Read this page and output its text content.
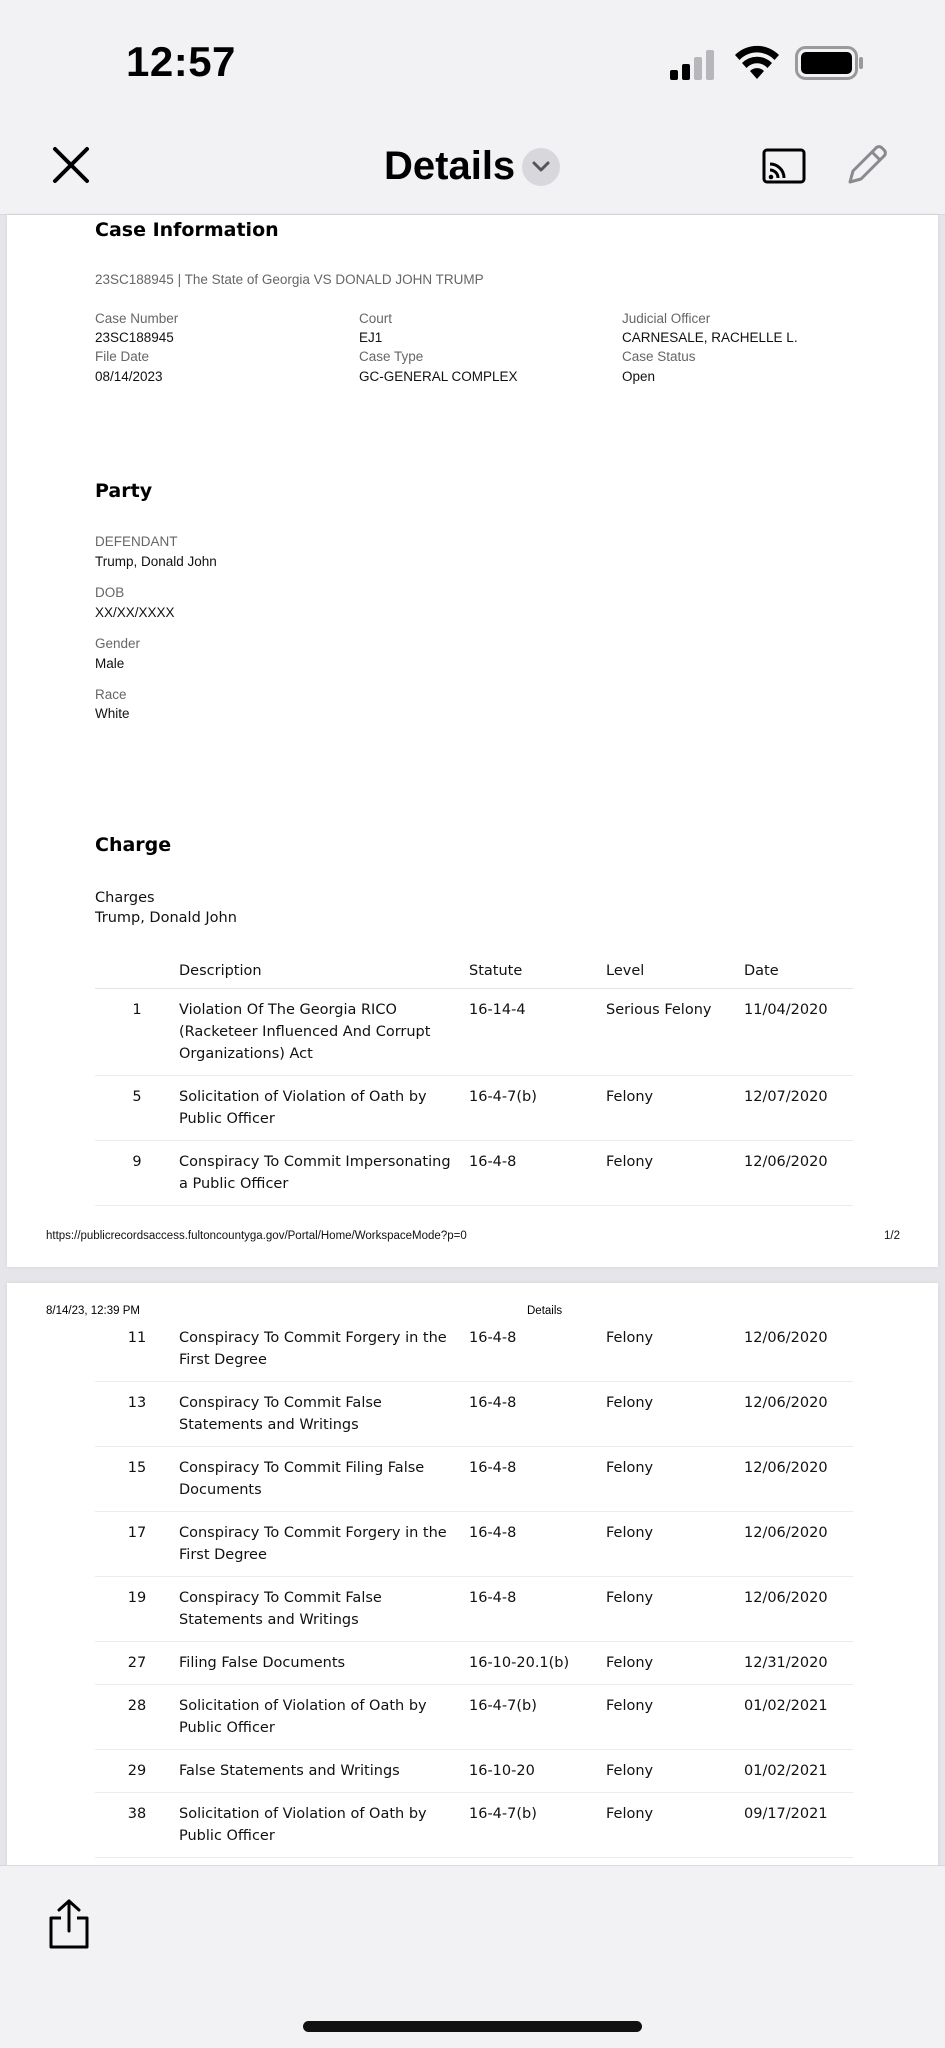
12:57
Details
Case Information
23SC188945 | The State of Georgia VS DONALD JOHN TRUMP
Case Number
23SC188945
File Date
08/14/2023
Court
EJ1
Case Type
GC-GENERAL COMPLEX
Judicial Officer
CARNESALE, RACHELLE L.
Case Status
Open
Party
DEFENDANT
Trump, Donald John
DOB
XX/XX/XXXX
Gender
Male
Race
White
Charge
Charges
Trump, Donald John
	Description	Statute	Level	Date
1	Violation Of The Georgia RICO (Racketeer Influenced And Corrupt Organizations) Act	16-14-4	Serious Felony	11/04/2020
5	Solicitation of Violation of Oath by Public Officer	16-4-7(b)	Felony	12/07/2020
9	Conspiracy To Commit Impersonating a Public Officer	16-4-8	Felony	12/06/2020
https://publicrecordsaccess.fultoncountyga.gov/Portal/Home/WorkspaceMode?p=0	1/2
8/14/23, 12:39 PM	Details
11	Conspiracy To Commit Forgery in the First Degree	16-4-8	Felony	12/06/2020
13	Conspiracy To Commit False Statements and Writings	16-4-8	Felony	12/06/2020
15	Conspiracy To Commit Filing False Documents	16-4-8	Felony	12/06/2020
17	Conspiracy To Commit Forgery in the First Degree	16-4-8	Felony	12/06/2020
19	Conspiracy To Commit False Statements and Writings	16-4-8	Felony	12/06/2020
27	Filing False Documents	16-10-20.1(b)	Felony	12/31/2020
28	Solicitation of Violation of Oath by Public Officer	16-4-7(b)	Felony	01/02/2021
29	False Statements and Writings	16-10-20	Felony	01/02/2021
38	Solicitation of Violation of Oath by Public Officer	16-4-7(b)	Felony	09/17/2021
